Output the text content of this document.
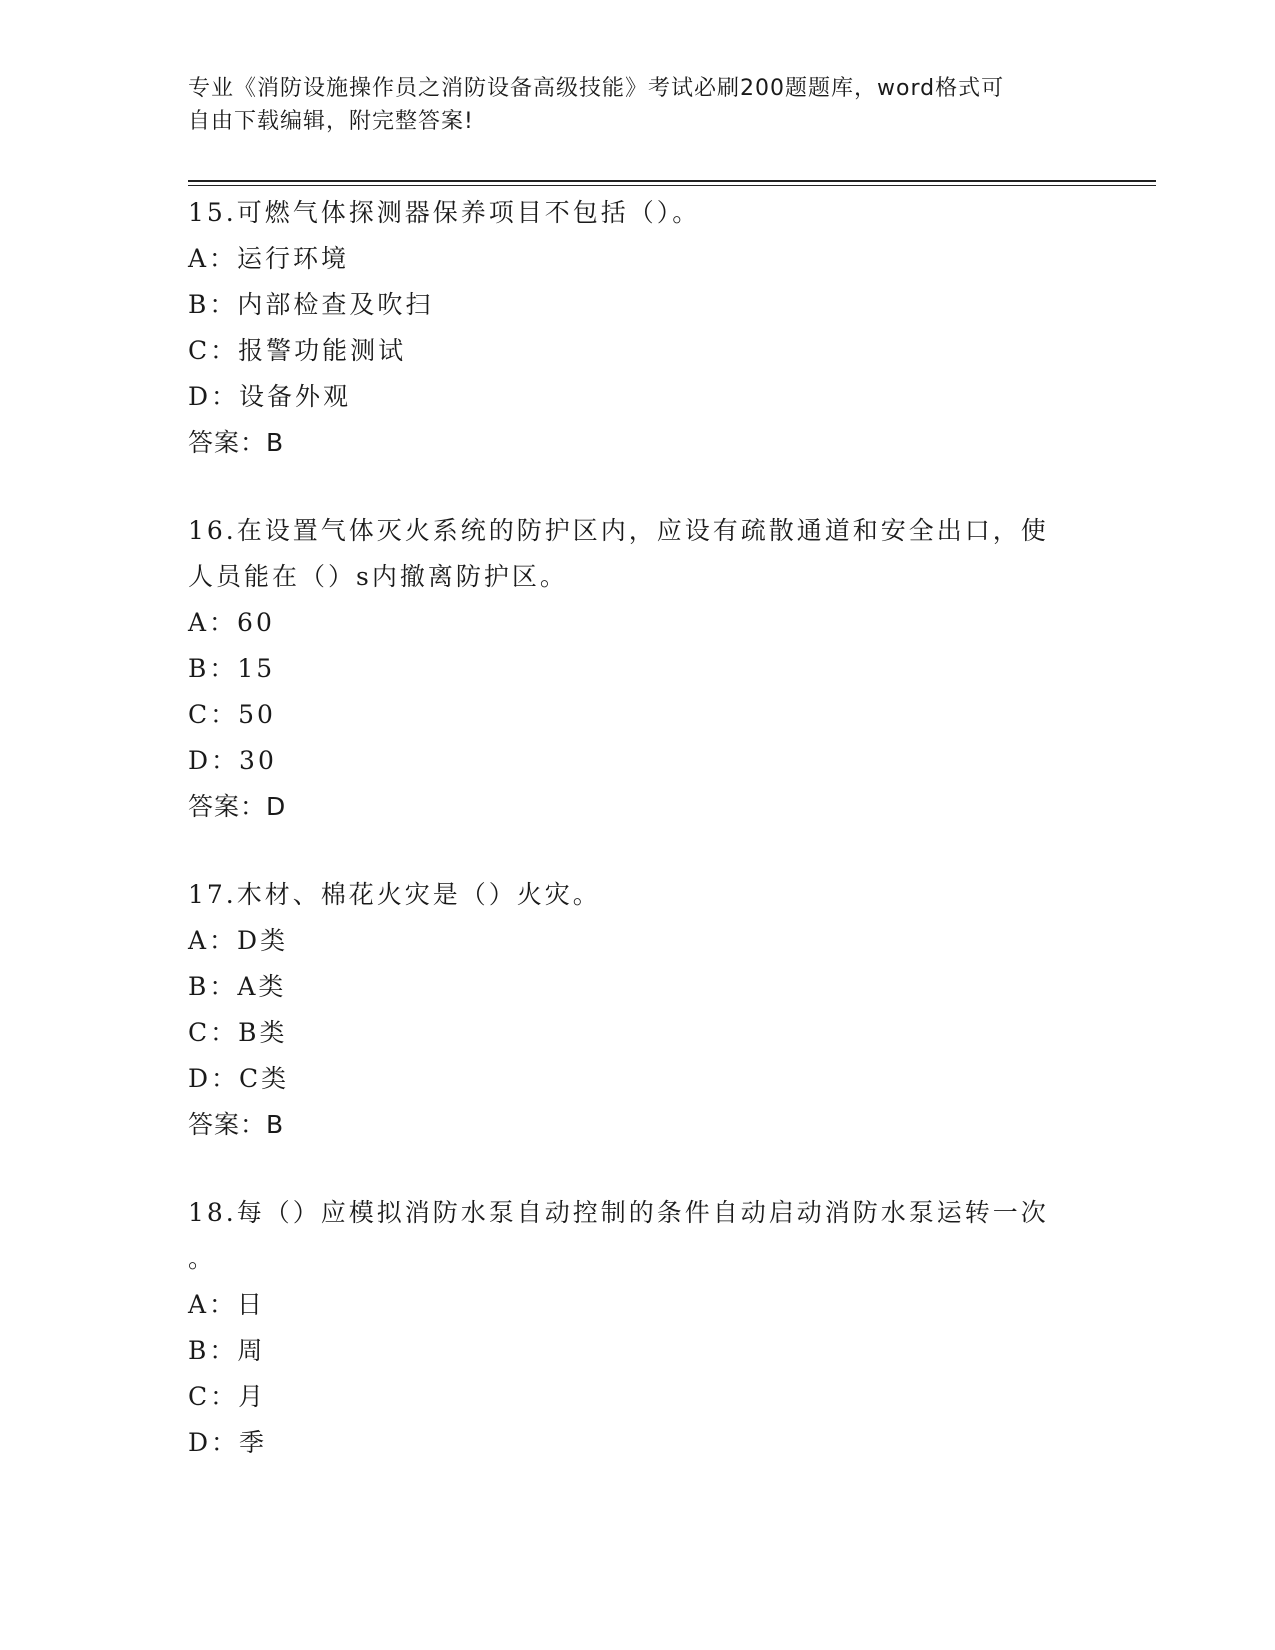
专业《消防设施操作员之消防设备高级技能》考试必刷200题题库，word格式可
自由下载编辑，附完整答案!
15.可燃气体探测器保养项目不包括（）。
A：运行环境
B：内部检查及吹扫
C：报警功能测试
D：设备外观
答案：B
16.在设置气体灭火系统的防护区内，应设有疏散通道和安全出口，使
人员能在（）s内撤离防护区。
A：60
B：15
C：50
D：30
答案：D
17.木材、棉花火灾是（）火灾。
A：D类
B：A类
C：B类
D：C类
答案：B
18.每（）应模拟消防水泵自动控制的条件自动启动消防水泵运转一次
。
A：日
B：周
C：月
D：季
